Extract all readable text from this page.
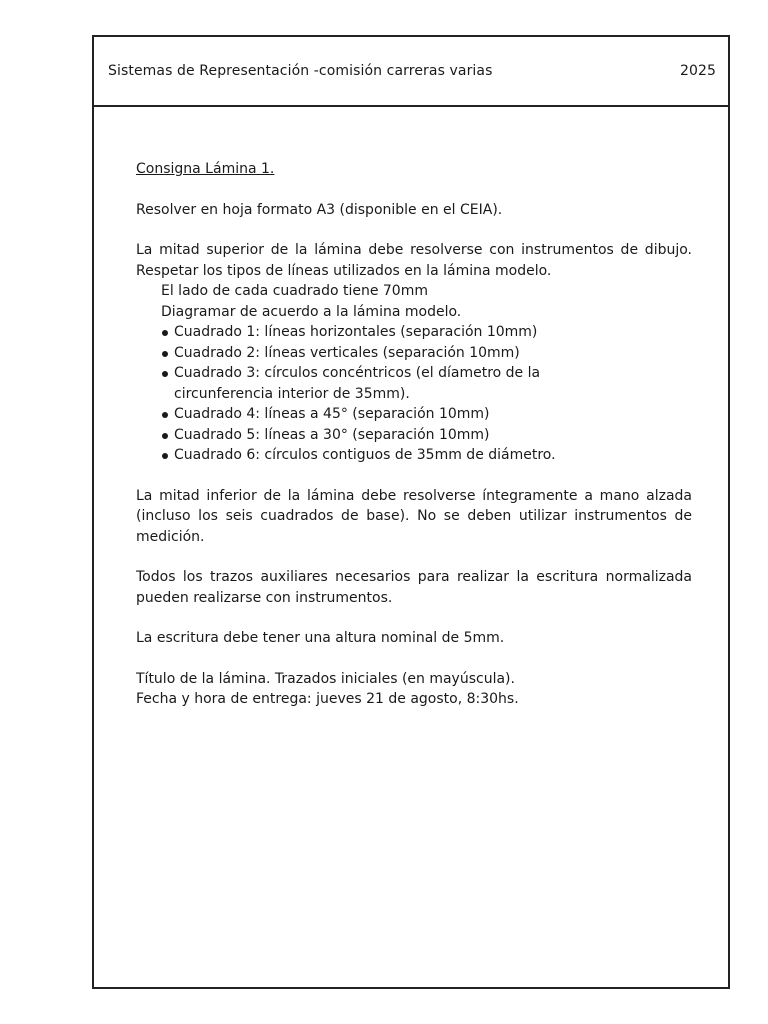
Sistemas de Representación -comisión carreras varias	2025

Consigna Lámina 1.

Resolver en hoja formato A3 (disponible en el CEIA).

La mitad superior de la lámina debe resolverse con instrumentos de dibujo. Respetar los tipos de líneas utilizados en la lámina modelo.

El lado de cada cuadrado tiene 70mm

Diagramar de acuerdo a la lámina modelo.

Cuadrado 1: líneas horizontales (separación 10mm)
Cuadrado 2: líneas verticales (separación 10mm)
Cuadrado 3: círculos concéntricos (el díametro de la circunferencia interior de 35mm).
Cuadrado 4: líneas a 45° (separación 10mm)
Cuadrado 5: líneas a 30° (separación 10mm)
Cuadrado 6: círculos contiguos de 35mm de diámetro.

La mitad inferior de la lámina debe resolverse íntegramente a mano alzada (incluso los seis cuadrados de base). No se deben utilizar instrumentos de medición.

Todos los trazos auxiliares necesarios para realizar la escritura normalizada pueden realizarse con instrumentos.

La escritura debe tener una altura nominal de 5mm.

Título de la lámina. Trazados iniciales (en mayúscula).

Fecha y hora de entrega: jueves 21 de agosto, 8:30hs.
